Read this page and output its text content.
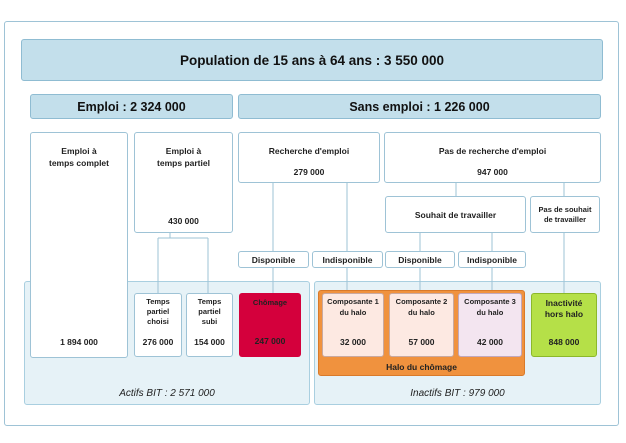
Population de 15 ans à 64 ans : 3 550 000
Emploi : 2 324 000	Sans emploi : 1 226 000
Emploi à
temps complet
1 894 000
Emploi à
temps partiel
430 000
Temps
partiel
choisi
276 000
Temps
partiel
subi
154 000
Recherche d'emploi
279 000
Pas de recherche d'emploi
947 000
Souhait de travailler
Pas de souhait
de travailler
Disponible	Indisponible	Disponible	Indisponible
Chômage
247 000
Halo du chômage
Composante 1
du halo
32 000
Composante 2
du halo
57 000
Composante 3
du halo
42 000
Inactivité
hors halo
848 000
Actifs BIT : 2 571 000	Inactifs BIT : 979 000
